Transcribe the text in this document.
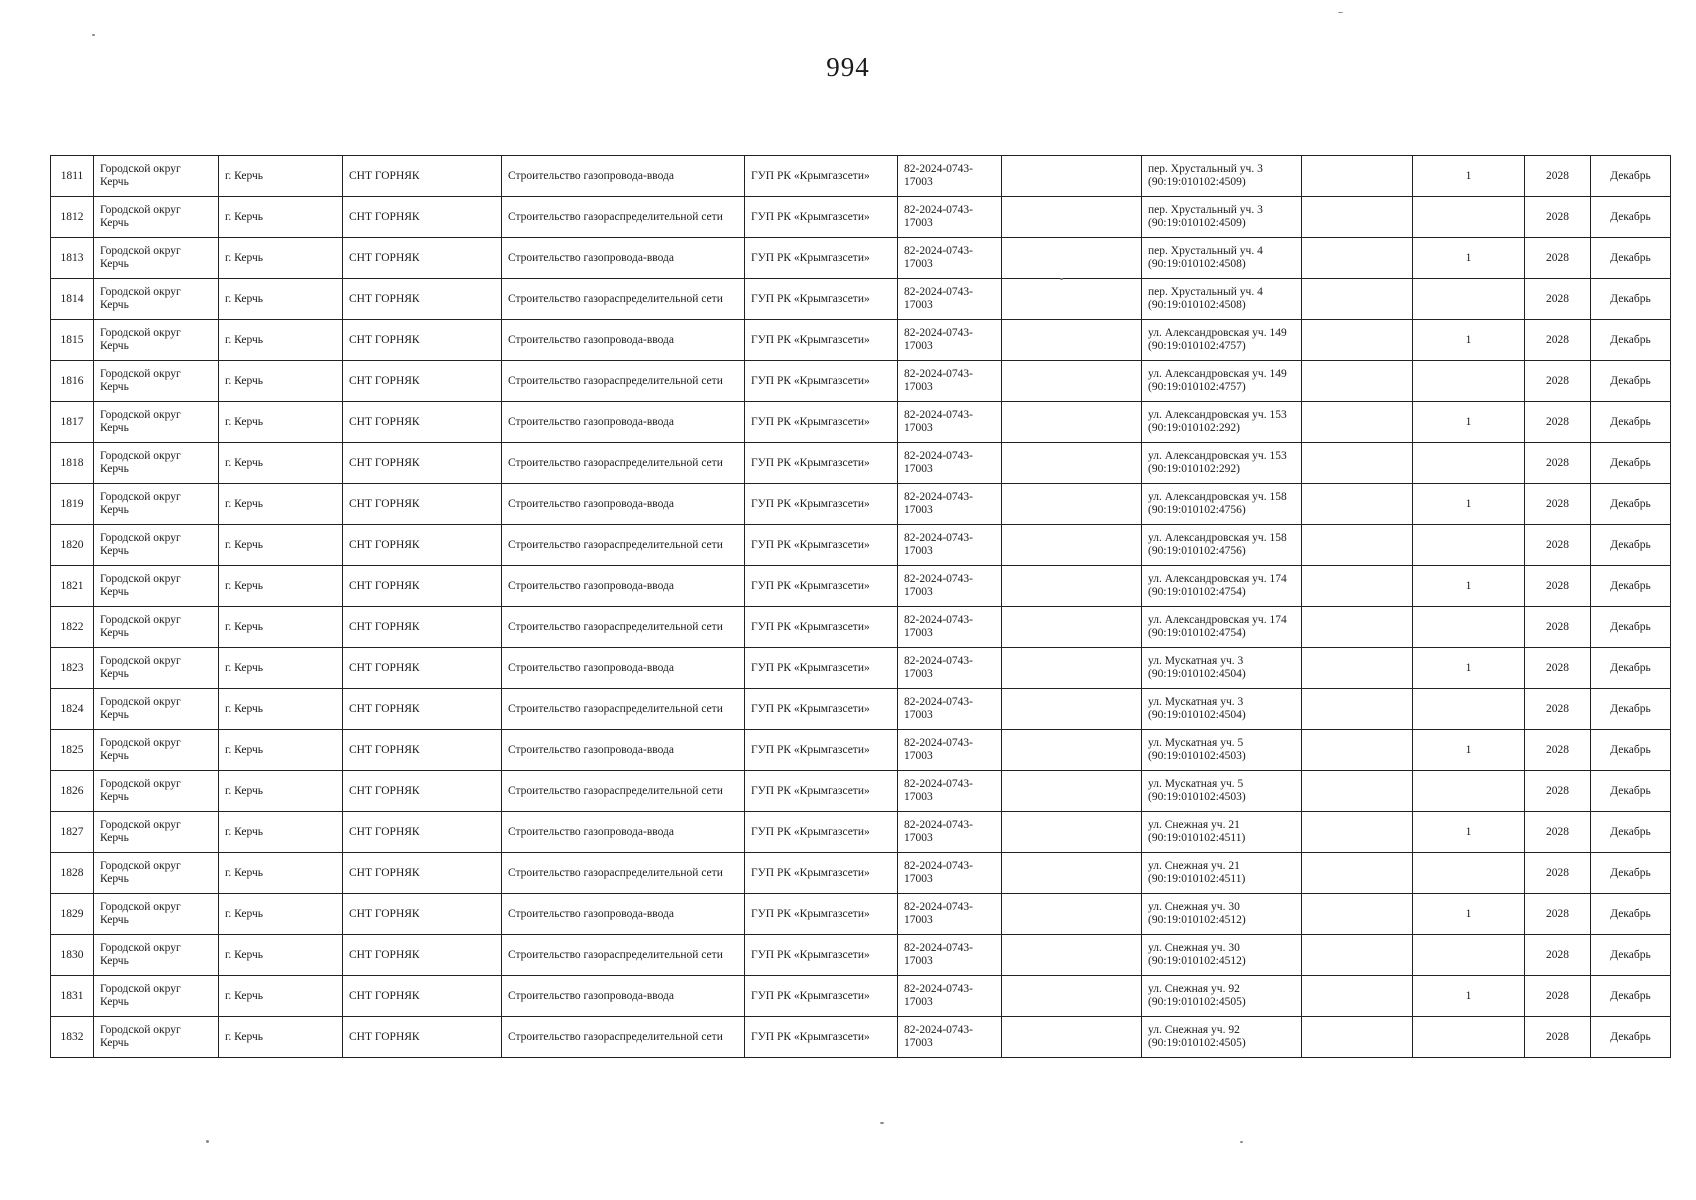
994
1811	Городской округ Керчь	г. Керчь	СНТ ГОРНЯК	Строительство газопровода-ввода	ГУП РК «Крымгазсети»	82-2024-0743-17003		пер. Хрустальный уч. 3 (90:19:010102:4509)		1	2028	Декабрь
1812	Городской округ Керчь	г. Керчь	СНТ ГОРНЯК	Строительство газораспределительной сети	ГУП РК «Крымгазсети»	82-2024-0743-17003		пер. Хрустальный уч. 3 (90:19:010102:4509)			2028	Декабрь
1813	Городской округ Керчь	г. Керчь	СНТ ГОРНЯК	Строительство газопровода-ввода	ГУП РК «Крымгазсети»	82-2024-0743-17003		пер. Хрустальный уч. 4 (90:19:010102:4508)		1	2028	Декабрь
1814	Городской округ Керчь	г. Керчь	СНТ ГОРНЯК	Строительство газораспределительной сети	ГУП РК «Крымгазсети»	82-2024-0743-17003		пер. Хрустальный уч. 4 (90:19:010102:4508)			2028	Декабрь
1815	Городской округ Керчь	г. Керчь	СНТ ГОРНЯК	Строительство газопровода-ввода	ГУП РК «Крымгазсети»	82-2024-0743-17003		ул. Александровская уч. 149 (90:19:010102:4757)		1	2028	Декабрь
1816	Городской округ Керчь	г. Керчь	СНТ ГОРНЯК	Строительство газораспределительной сети	ГУП РК «Крымгазсети»	82-2024-0743-17003		ул. Александровская уч. 149 (90:19:010102:4757)			2028	Декабрь
1817	Городской округ Керчь	г. Керчь	СНТ ГОРНЯК	Строительство газопровода-ввода	ГУП РК «Крымгазсети»	82-2024-0743-17003		ул. Александровская уч. 153 (90:19:010102:292)		1	2028	Декабрь
1818	Городской округ Керчь	г. Керчь	СНТ ГОРНЯК	Строительство газораспределительной сети	ГУП РК «Крымгазсети»	82-2024-0743-17003		ул. Александровская уч. 153 (90:19:010102:292)			2028	Декабрь
1819	Городской округ Керчь	г. Керчь	СНТ ГОРНЯК	Строительство газопровода-ввода	ГУП РК «Крымгазсети»	82-2024-0743-17003		ул. Александровская уч. 158 (90:19:010102:4756)		1	2028	Декабрь
1820	Городской округ Керчь	г. Керчь	СНТ ГОРНЯК	Строительство газораспределительной сети	ГУП РК «Крымгазсети»	82-2024-0743-17003		ул. Александровская уч. 158 (90:19:010102:4756)			2028	Декабрь
1821	Городской округ Керчь	г. Керчь	СНТ ГОРНЯК	Строительство газопровода-ввода	ГУП РК «Крымгазсети»	82-2024-0743-17003		ул. Александровская уч. 174 (90:19:010102:4754)		1	2028	Декабрь
1822	Городской округ Керчь	г. Керчь	СНТ ГОРНЯК	Строительство газораспределительной сети	ГУП РК «Крымгазсети»	82-2024-0743-17003		ул. Александровская уч. 174 (90:19:010102:4754)			2028	Декабрь
1823	Городской округ Керчь	г. Керчь	СНТ ГОРНЯК	Строительство газопровода-ввода	ГУП РК «Крымгазсети»	82-2024-0743-17003		ул. Мускатная уч. 3 (90:19:010102:4504)		1	2028	Декабрь
1824	Городской округ Керчь	г. Керчь	СНТ ГОРНЯК	Строительство газораспределительной сети	ГУП РК «Крымгазсети»	82-2024-0743-17003		ул. Мускатная уч. 3 (90:19:010102:4504)			2028	Декабрь
1825	Городской округ Керчь	г. Керчь	СНТ ГОРНЯК	Строительство газопровода-ввода	ГУП РК «Крымгазсети»	82-2024-0743-17003		ул. Мускатная уч. 5 (90:19:010102:4503)		1	2028	Декабрь
1826	Городской округ Керчь	г. Керчь	СНТ ГОРНЯК	Строительство газораспределительной сети	ГУП РК «Крымгазсети»	82-2024-0743-17003		ул. Мускатная уч. 5 (90:19:010102:4503)			2028	Декабрь
1827	Городской округ Керчь	г. Керчь	СНТ ГОРНЯК	Строительство газопровода-ввода	ГУП РК «Крымгазсети»	82-2024-0743-17003		ул. Снежная уч. 21 (90:19:010102:4511)		1	2028	Декабрь
1828	Городской округ Керчь	г. Керчь	СНТ ГОРНЯК	Строительство газораспределительной сети	ГУП РК «Крымгазсети»	82-2024-0743-17003		ул. Снежная уч. 21 (90:19:010102:4511)			2028	Декабрь
1829	Городской округ Керчь	г. Керчь	СНТ ГОРНЯК	Строительство газопровода-ввода	ГУП РК «Крымгазсети»	82-2024-0743-17003		ул. Снежная уч. 30 (90:19:010102:4512)		1	2028	Декабрь
1830	Городской округ Керчь	г. Керчь	СНТ ГОРНЯК	Строительство газораспределительной сети	ГУП РК «Крымгазсети»	82-2024-0743-17003		ул. Снежная уч. 30 (90:19:010102:4512)			2028	Декабрь
1831	Городской округ Керчь	г. Керчь	СНТ ГОРНЯК	Строительство газопровода-ввода	ГУП РК «Крымгазсети»	82-2024-0743-17003		ул. Снежная уч. 92 (90:19:010102:4505)		1	2028	Декабрь
1832	Городской округ Керчь	г. Керчь	СНТ ГОРНЯК	Строительство газораспределительной сети	ГУП РК «Крымгазсети»	82-2024-0743-17003		ул. Снежная уч. 92 (90:19:010102:4505)			2028	Декабрь
